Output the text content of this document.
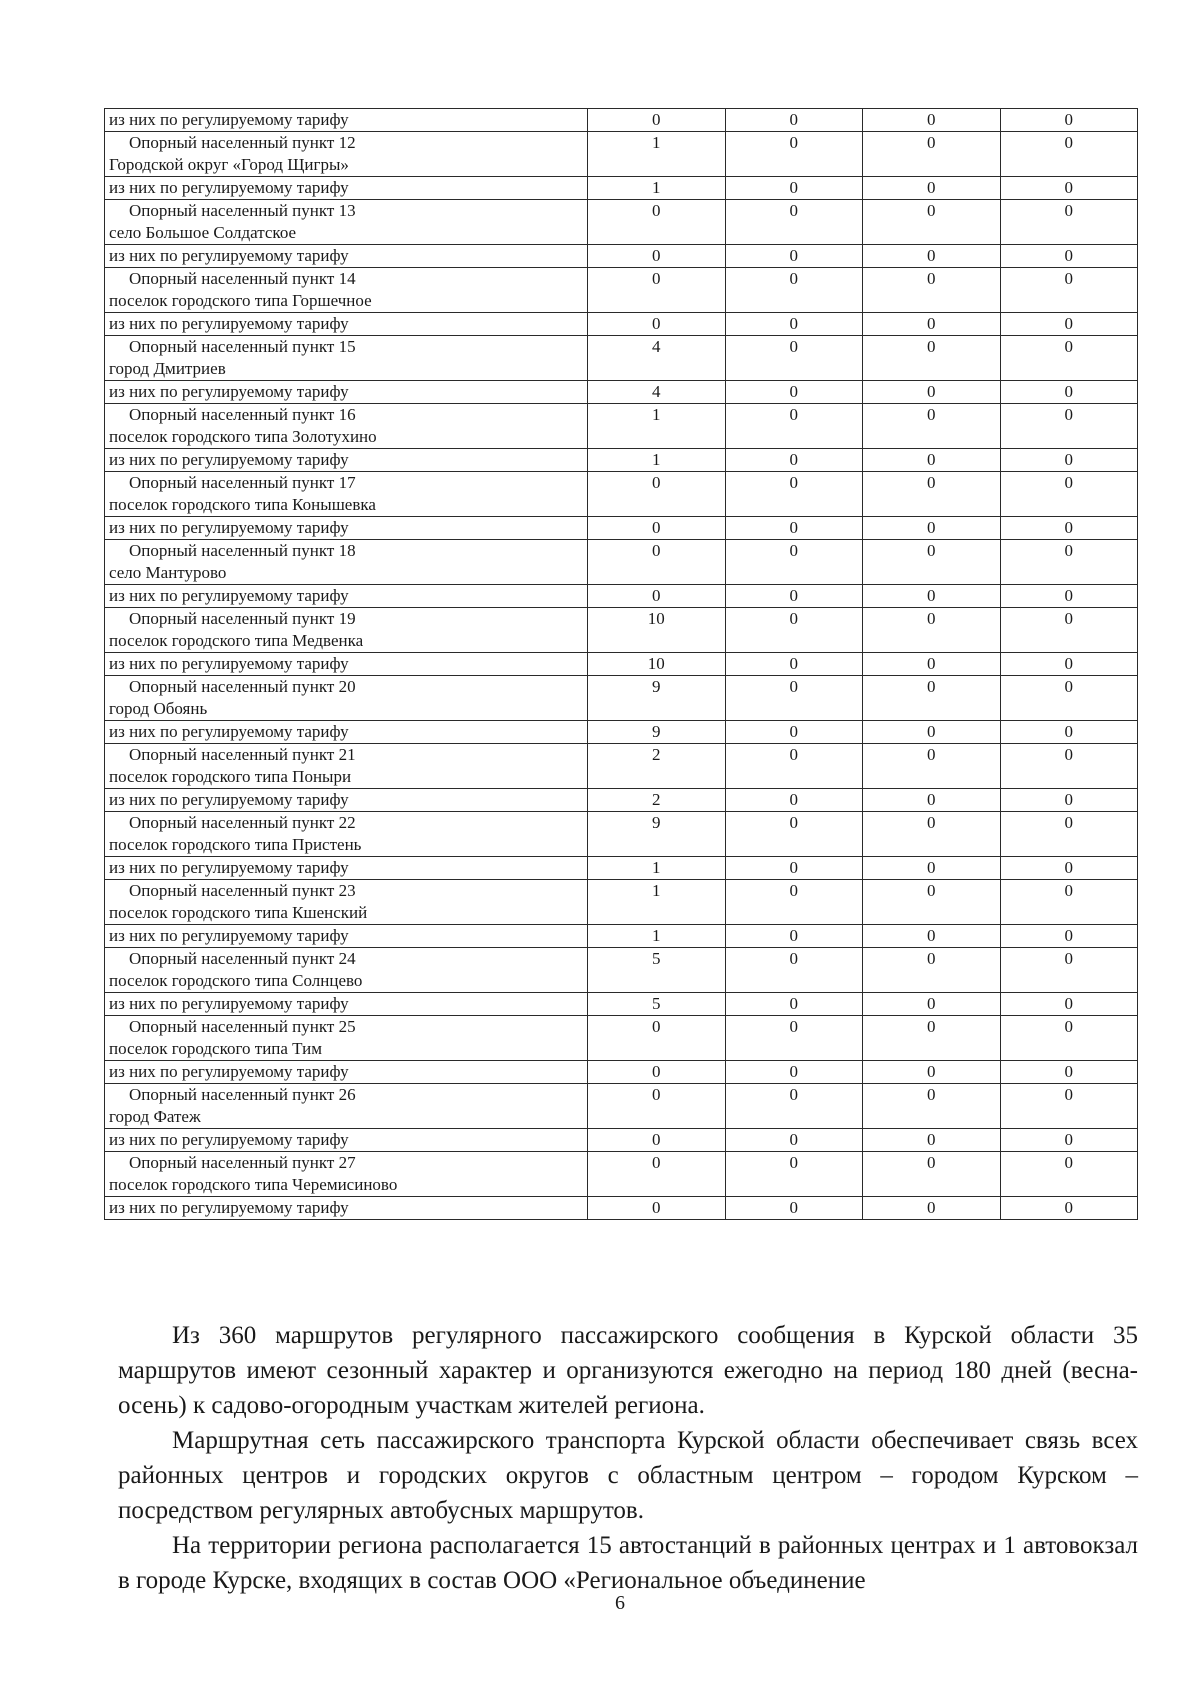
из них по регулируемому тарифу	0	0	0	0

Опорный населенный пункт 12
Городской округ «Город Щигры»	1	0	0	0
из них по регулируемому тарифу	1	0	0	0

Опорный населенный пункт 13
село Большое Солдатское	0	0	0	0
из них по регулируемому тарифу	0	0	0	0

Опорный населенный пункт 14
поселок городского типа Горшечное	0	0	0	0
из них по регулируемому тарифу	0	0	0	0

Опорный населенный пункт 15
город Дмитриев	4	0	0	0
из них по регулируемому тарифу	4	0	0	0

Опорный населенный пункт 16
поселок городского типа Золотухино	1	0	0	0
из них по регулируемому тарифу	1	0	0	0

Опорный населенный пункт 17
поселок городского типа Конышевка	0	0	0	0
из них по регулируемому тарифу	0	0	0	0

Опорный населенный пункт 18
село Мантурово	0	0	0	0
из них по регулируемому тарифу	0	0	0	0

Опорный населенный пункт 19
поселок городского типа Медвенка	10	0	0	0
из них по регулируемому тарифу	10	0	0	0

Опорный населенный пункт 20
город Обоянь	9	0	0	0
из них по регулируемому тарифу	9	0	0	0

Опорный населенный пункт 21
поселок городского типа Поныри	2	0	0	0
из них по регулируемому тарифу	2	0	0	0

Опорный населенный пункт 22
поселок городского типа Пристень	9	0	0	0
из них по регулируемому тарифу	1	0	0	0

Опорный населенный пункт 23
поселок городского типа Кшенский	1	0	0	0
из них по регулируемому тарифу	1	0	0	0

Опорный населенный пункт 24
поселок городского типа Солнцево	5	0	0	0
из них по регулируемому тарифу	5	0	0	0

Опорный населенный пункт 25
поселок городского типа Тим	0	0	0	0
из них по регулируемому тарифу	0	0	0	0

Опорный населенный пункт 26
город Фатеж	0	0	0	0
из них по регулируемому тарифу	0	0	0	0

Опорный населенный пункт 27
поселок городского типа Черемисиново	0	0	0	0
из них по регулируемому тарифу	0	0	0	0

Из 360 маршрутов регулярного пассажирского сообщения в Курской области 35 маршрутов имеют сезонный характер и организуются ежегодно на период 180 дней (весна-осень) к садово-огородным участкам жителей региона.

Маршрутная сеть пассажирского транспорта Курской области обеспечивает связь всех районных центров и городских округов с областным центром – городом Курском – посредством регулярных автобусных маршрутов.

На территории региона располагается 15 автостанций в районных центрах и 1 автовокзал в городе Курске, входящих в состав ООО «Региональное объединение

6
